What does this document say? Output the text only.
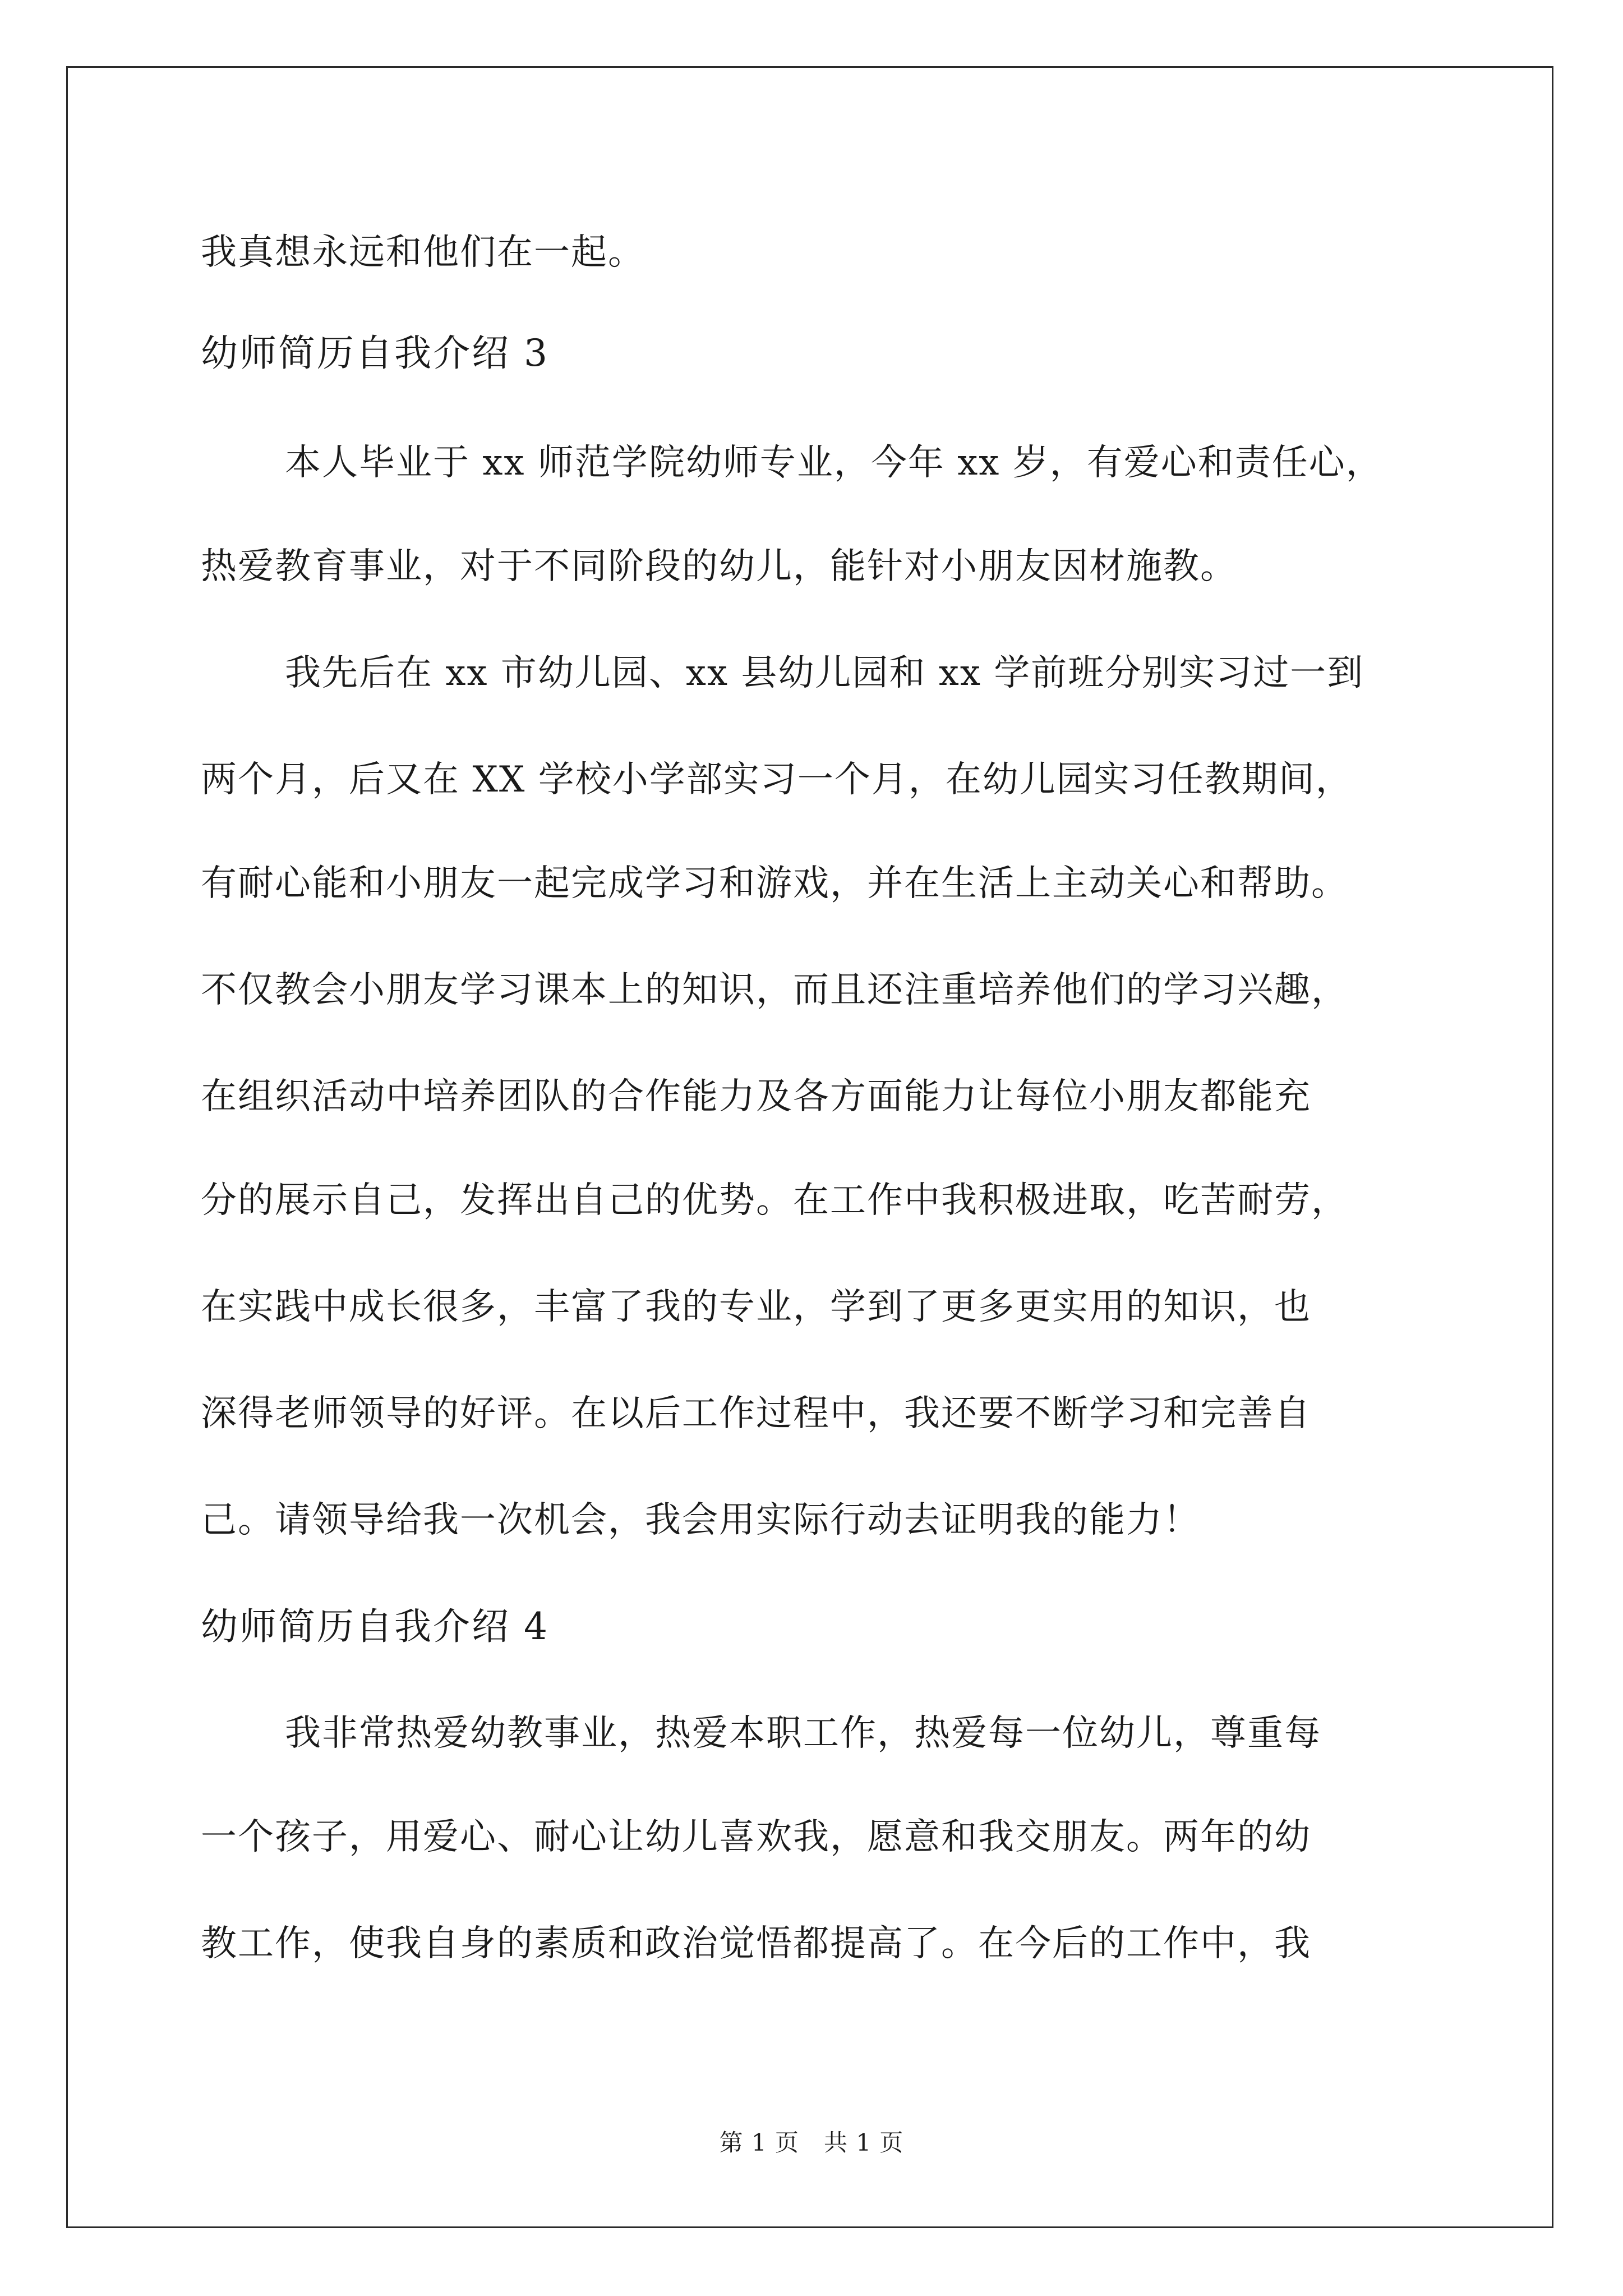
我真想永远和他们在一起。
幼师简历自我介绍 3
本人毕业于 xx 师范学院幼师专业，今年 xx 岁，有爱心和责任心，
热爱教育事业，对于不同阶段的幼儿，能针对小朋友因材施教。
我先后在 xx 市幼儿园、xx 县幼儿园和 xx 学前班分别实习过一到
两个月，后又在 XX 学校小学部实习一个月，在幼儿园实习任教期间，
有耐心能和小朋友一起完成学习和游戏，并在生活上主动关心和帮助。
不仅教会小朋友学习课本上的知识，而且还注重培养他们的学习兴趣，
在组织活动中培养团队的合作能力及各方面能力让每位小朋友都能充
分的展示自己，发挥出自己的优势。在工作中我积极进取，吃苦耐劳，
在实践中成长很多，丰富了我的专业，学到了更多更实用的知识，也
深得老师领导的好评。在以后工作过程中，我还要不断学习和完善自
己。请领导给我一次机会，我会用实际行动去证明我的能力！
幼师简历自我介绍 4
我非常热爱幼教事业，热爱本职工作，热爱每一位幼儿，尊重每
一个孩子，用爱心、耐心让幼儿喜欢我，愿意和我交朋友。两年的幼
教工作，使我自身的素质和政治觉悟都提高了。在今后的工作中，我
第 1 页 共 1 页
